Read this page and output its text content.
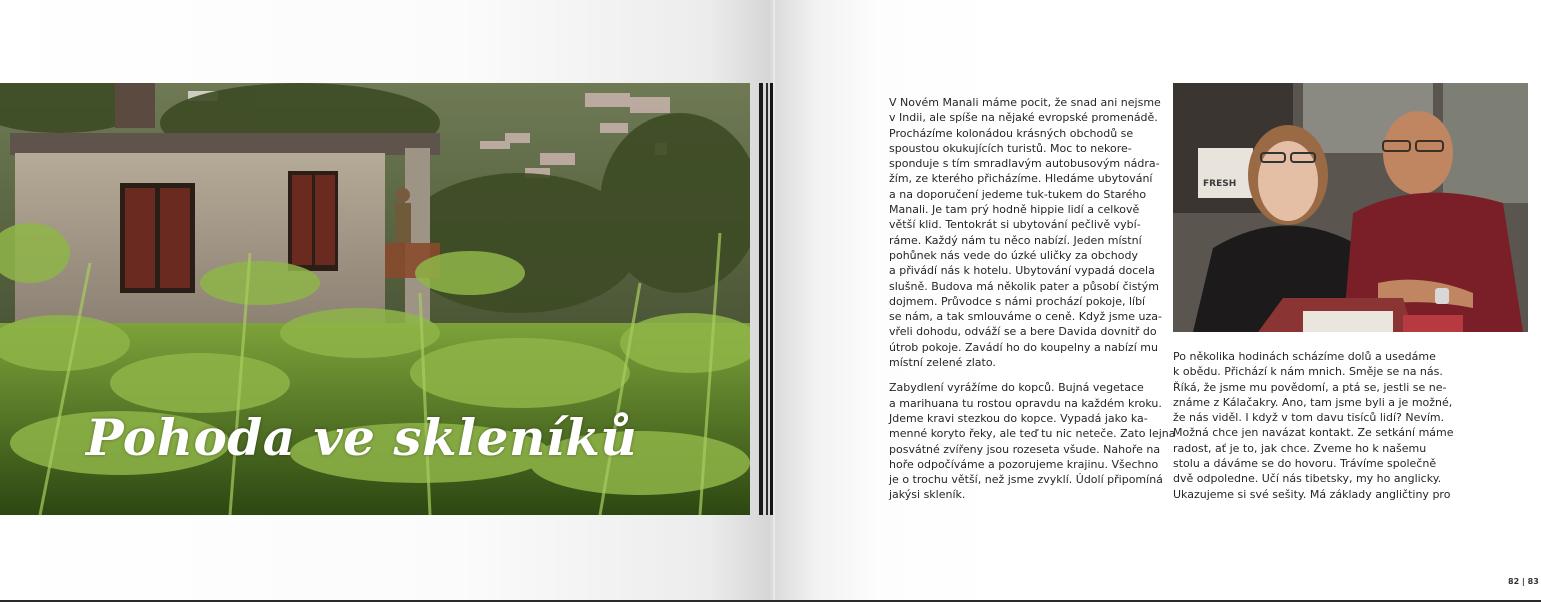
Pohoda ve skleníků

V Novém Manali máme pocit, že snad ani nejsme

v Indii, ale spíše na nějaké evropské promenádě.

Procházíme kolonádou krásných obchodů se

spoustou okukujících turistů. Moc to nekore-

sponduje s tím smradlavým autobusovým nádra-

žím, ze kterého přicházíme. Hledáme ubytování

a na doporučení jedeme tuk-tukem do Starého

Manali. Je tam prý hodně hippie lidí a celkově

větší klid. Tentokrát si ubytování pečlivě vybí-

ráme. Každý nám tu něco nabízí. Jeden místní

pohůnek nás vede do úzké uličky za obchody

a přivádí nás k hotelu. Ubytování vypadá docela

slušně. Budova má několik pater a působí čistým

dojmem. Průvodce s námi prochází pokoje, líbí

se nám, a tak smlouváme o ceně. Když jsme uza-

vřeli dohodu, odváží se a bere Davida dovnitř do

útrob pokoje. Zavádí ho do koupelny a nabízí mu

místní zelené zlato.

Zabydlení vyrážíme do kopců. Bujná vegetace

a marihuana tu rostou opravdu na každém kroku.

Jdeme kravi stezkou do kopce. Vypadá jako ka-

menné koryto řeky, ale teď tu nic neteče. Zato lejna

posvátné zvířeny jsou rozeseta všude. Nahoře na

hoře odpočíváme a pozorujeme krajinu. Všechno

je o trochu větší, než jsme zvyklí. Údolí připomíná

jakýsi skleník.

FRESH

Po několika hodinách scházíme dolů a usedáme

k obědu. Přichází k nám mnich. Směje se na nás.

Říká, že jsme mu povědomí, a ptá se, jestli se ne-

známe z Kálačakry. Ano, tam jsme byli a je možné,

že nás viděl. I když v tom davu tisíců lidí? Nevím.

Možná chce jen navázat kontakt. Ze setkání máme

radost, ať je to, jak chce. Zveme ho k našemu

stolu a dáváme se do hovoru. Trávíme společně

dvě odpoledne. Učí nás tibetsky, my ho anglicky.

Ukazujeme si své sešity. Má základy angličtiny pro

82 | 83
